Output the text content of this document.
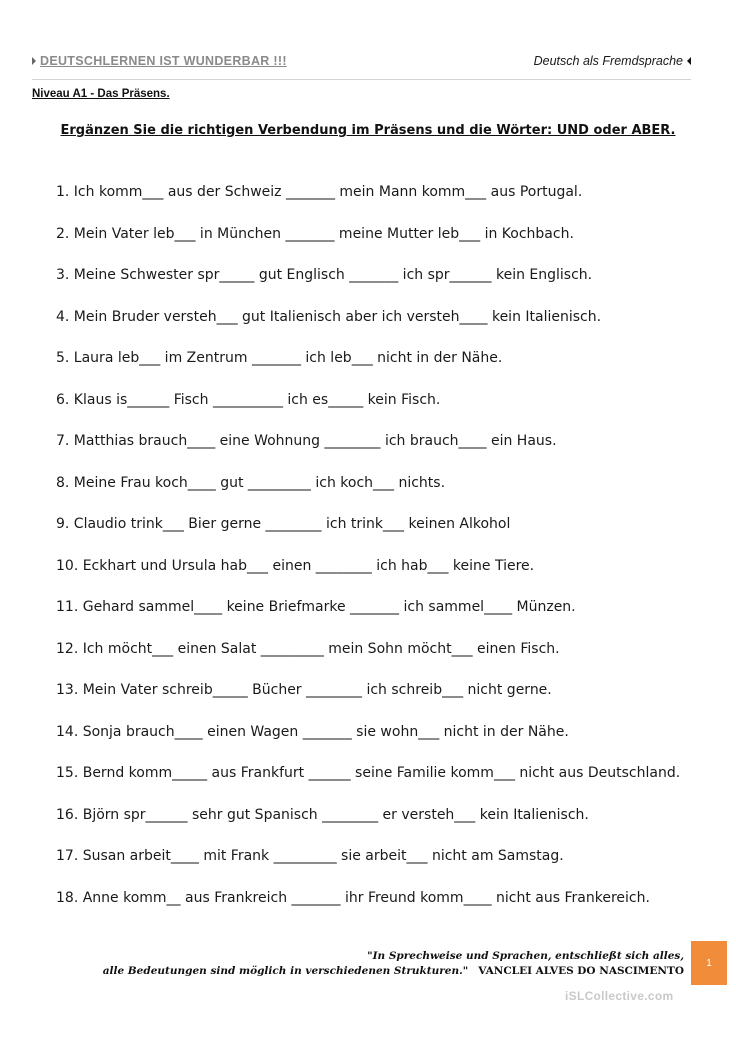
DEUTSCHLERNEN IST WUNDERBAR !!!	Deutsch als Fremdsprache
Niveau A1 - Das Präsens.
Ergänzen Sie die richtigen Verbendung im Präsens und die Wörter: UND oder ABER.
1. Ich komm___ aus der Schweiz _______ mein Mann komm___ aus Portugal.
2. Mein Vater leb___ in München _______ meine Mutter leb___ in Kochbach.
3. Meine Schwester spr_____ gut Englisch _______ ich spr______ kein Englisch.
4. Mein Bruder versteh___ gut Italienisch aber ich versteh____ kein Italienisch.
5. Laura leb___ im Zentrum _______ ich leb___ nicht in der Nähe.
6. Klaus is______ Fisch __________ ich es_____ kein Fisch.
7. Matthias brauch____ eine Wohnung ________ ich brauch____ ein Haus.
8. Meine Frau koch____ gut _________ ich koch___ nichts.
9. Claudio trink___ Bier gerne ________ ich trink___ keinen Alkohol
10. Eckhart und Ursula hab___ einen ________ ich hab___ keine Tiere.
11. Gehard sammel____ keine Briefmarke _______ ich sammel____ Münzen.
12. Ich möcht___ einen Salat _________ mein Sohn möcht___ einen Fisch.
13. Mein Vater schreib_____ Bücher ________ ich schreib___ nicht gerne.
14. Sonja brauch____ einen Wagen _______ sie wohn___ nicht in der Nähe.
15. Bernd komm_____ aus Frankfurt ______ seine Familie komm___ nicht aus Deutschland.
16. Björn spr______ sehr gut Spanisch ________ er versteh___ kein Italienisch.
17. Susan arbeit____ mit Frank _________ sie arbeit___ nicht am Samstag.
18. Anne komm__ aus Frankreich _______ ihr Freund komm____ nicht aus Frankereich.
"In Sprechweise und Sprachen, entschließt sich alles,
alle Bedeutungen sind möglich in verschiedenen Strukturen." VANCLEI ALVES DO NASCIMENTO
1
iSLCollective.com
